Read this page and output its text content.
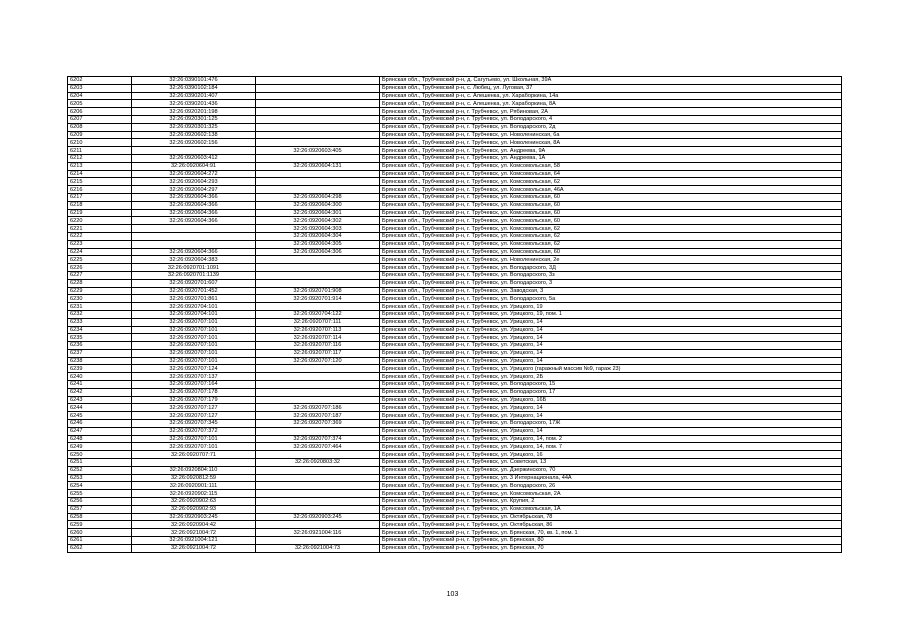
6202	32:26:0390101:476		Брянская обл., Трубчевский р-н, д. Сагутьево, ул. Школьная, 39А
6203	32:26:0390102:184		Брянская обл., Трубчевский р-н, с. Любец, ул. Луговая, 37
6204	32:26:0390201:407		Брянская обл., Трубчевский р-н, с. Алешенка, ул. Хараборкина, 14а
6205	32:26:0390201:436		Брянская обл., Трубчевский р-н, с. Алешенка, ул. Хараборкина, 8А
6206	32:26:0920201:198		Брянская обл., Трубчевский р-н, г. Трубчевск, ул. Рябиновая, 2А
6207	32:26:0920301:125		Брянская обл., Трубчевский р-н, г. Трубчевск, ул. Володарского, 4
6208	32:26:0920301:325		Брянская обл., Трубчевский р-н, г. Трубчевск, ул. Володарского, 2д
6209	32:26:0920602:138		Брянская обл., Трубчевский р-н, г. Трубчевск, ул. Новоленинская, 6а
6210	32:26:0920602:156		Брянская обл., Трубчевский р-н, г. Трубчевск, ул. Новоленинская, 8А
6211		32:26:0920603:405	Брянская обл., Трубчевский р-н, г. Трубчевск, ул. Андреева, 9А
6212	32:26:0920603:412		Брянская обл., Трубчевский р-н, г. Трубчевск, ул. Андреева, 1А
6213	32:26:0920604:91	32:26:0920604:131	Брянская обл., Трубчевский р-н, г. Трубчевск, ул. Комсомольская, 58
6214	32:26:0920604:272		Брянская обл., Трубчевский р-н, г. Трубчевск, ул. Комсомольская, 64
6215	32:26:0920604:293		Брянская обл., Трубчевский р-н, г. Трубчевск, ул. Комсомольская, 62
6216	32:26:0920604:297		Брянская обл., Трубчевский р-н, г. Трубчевск, ул. Комсомольская, 46А
6217	32:26:0920604:366	32:26:0920604:298	Брянская обл., Трубчевский р-н, г. Трубчевск, ул. Комсомольская, 60
6218	32:26:0920604:366	32:26:0920604:300	Брянская обл., Трубчевский р-н, г. Трубчевск, ул. Комсомольская, 60
6219	32:26:0920604:366	32:26:0920604:301	Брянская обл., Трубчевский р-н, г. Трубчевск, ул. Комсомольская, 60
6220	32:26:0920604:366	32:26:0920604:302	Брянская обл., Трубчевский р-н, г. Трубчевск, ул. Комсомольская, 60
6221		32:26:0920604:303	Брянская обл., Трубчевский р-н, г. Трубчевск, ул. Комсомольская, 62
6222		32:26:0920604:304	Брянская обл., Трубчевский р-н, г. Трубчевск, ул. Комсомольская, 62
6223		32:26:0920604:305	Брянская обл., Трубчевский р-н, г. Трубчевск, ул. Комсомольская, 62
6224	32:26:0920604:366	32:26:0920604:306	Брянская обл., Трубчевский р-н, г. Трубчевск, ул. Комсомольская, 60
6225	32:26:0920604:383		Брянская обл., Трубчевский р-н, г. Трубчевск, ул. Новоленинская, 2е
6226	32:26:0920701:1091		Брянская обл., Трубчевский р-н, г. Трубчевск, ул. Володарского, 3Д
6227	32:26:0920701:1139		Брянская обл., Трубчевский р-н, г. Трубчевск, ул. Володарского, 3з
6228	32:26:0920701:607		Брянская обл., Трубчевский р-н, г. Трубчевск, ул. Володарского, 3
6229	32:26:0920701:452	32:26:0920701:908	Брянская обл., Трубчевский р-н, г. Трубчевск, ул. Заводская, 3
6230	32:26:0920701:861	32:26:0920701:914	Брянская обл., Трубчевский р-н, г. Трубчевск, ул. Володарского, 5а
6231	32:26:0920704:101		Брянская обл., Трубчевский р-н, г. Трубчевск, ул. Урицкого, 19
6232	32:26:0920704:101	32:26:0920704:122	Брянская обл., Трубчевский р-н, г. Трубчевск, ул. Урицкого, 19, пом. 1
6233	32:26:0920707:101	32:26:0920707:111	Брянская обл., Трубчевский р-н, г. Трубчевск, ул. Урицкого, 14
6234	32:26:0920707:101	32:26:0920707:113	Брянская обл., Трубчевский р-н, г. Трубчевск, ул. Урицкого, 14
6235	32:26:0920707:101	32:26:0920707:114	Брянская обл., Трубчевский р-н, г. Трубчевск, ул. Урицкого, 14
6236	32:26:0920707:101	32:26:0920707:116	Брянская обл., Трубчевский р-н, г. Трубчевск, ул. Урицкого, 14
6237	32:26:0920707:101	32:26:0920707:117	Брянская обл., Трубчевский р-н, г. Трубчевск, ул. Урицкого, 14
6238	32:26:0920707:101	32:26:0920707:120	Брянская обл., Трубчевский р-н, г. Трубчевск, ул. Урицкого, 14
6239	32:26:0920707:124		Брянская обл., Трубчевский р-н, г. Трубчевск, ул. Урицкого (гаражный массив №9, гараж 23)
6240	32:26:0920707:137		Брянская обл., Трубчевский р-н, г. Трубчевск, ул. Урицкого, 2Б
6241	32:26:0920707:164		Брянская обл., Трубчевский р-н, г. Трубчевск, ул. Володарского, 15
6242	32:26:0920707:178		Брянская обл., Трубчевский р-н, г. Трубчевск, ул. Володарского, 17
6243	32:26:0920707:179		Брянская обл., Трубчевский р-н, г. Трубчевск, ул. Урицкого, 16Б
6244	32:26:0920707:127	32:26:0920707:186	Брянская обл., Трубчевский р-н, г. Трубчевск, ул. Урицкого, 14
6245	32:26:0920707:127	32:26:0920707:187	Брянская обл., Трубчевский р-н, г. Трубчевск, ул. Урицкого, 14
6246	32:26:0920707:345	32:26:0920707:369	Брянская обл., Трубчевский р-н, г. Трубчевск, ул. Володарского, 17Ж
6247	32:26:0920707:372		Брянская обл., Трубчевский р-н, г. Трубчевск, ул. Урицкого, 14
6248	32:26:0920707:101	32:26:0920707:374	Брянская обл., Трубчевский р-н, г. Трубчевск, ул. Урицкого, 14, пом. 2
6249	32:26:0920707:101	32:26:0920707:464	Брянская обл., Трубчевский р-н, г. Трубчевск, ул. Урицкого, 14, пом. 7
6250	32:26:0920707:71		Брянская обл., Трубчевский р-н, г. Трубчевск, ул. Урицкого, 16
6251		32:26:0920803:32	Брянская обл., Трубчевский р-н, г. Трубчевск, ул. Советская, 13
6252	32:26:0920804:110		Брянская обл., Трубчевский р-н, г. Трубчевск, ул. Дзержинского, 70
6253	32:26:0920812:59		Брянская обл., Трубчевский р-н, г. Трубчевск, ул. 3 Интернационала, 44А
6254	32:26:0920901:111		Брянская обл., Трубчевский р-н, г. Трубчевск, ул. Володарского, 26
6255	32:26:0920902:115		Брянская обл., Трубчевский р-н, г. Трубчевск, ул. Комсомольская, 2А
6256	32:26:0920902:63		Брянская обл., Трубчевский р-н, г. Трубчевск, ул. Крупия, 2
6257	32:26:0920902:93		Брянская обл., Трубчевский р-н, г. Трубчевск, ул. Комсомольская, 1А
6258	32:26:0920903:245	32:26:0920903:245	Брянская обл., Трубчевский р-н, г. Трубчевск, ул. Октябрьская, 78
6259	32:26:0920904:42		Брянская обл., Трубчевский р-н, г. Трубчевск, ул. Октябрьская, 86
6260	32:26:0921004:72	32:26:0921004:116	Брянская обл., Трубчевский р-н, г. Трубчевск, ул. Брянская, 70, кв. 1, пом. 1
6261	32:26:0921004:121		Брянская обл., Трубчевский р-н, г. Трубчевск, ул. Брянская, 80
6262	32:26:0921004:72	32:26:0921004:73	Брянская обл., Трубчевский р-н, г. Трубчевск, ул. Брянская, 70
103
